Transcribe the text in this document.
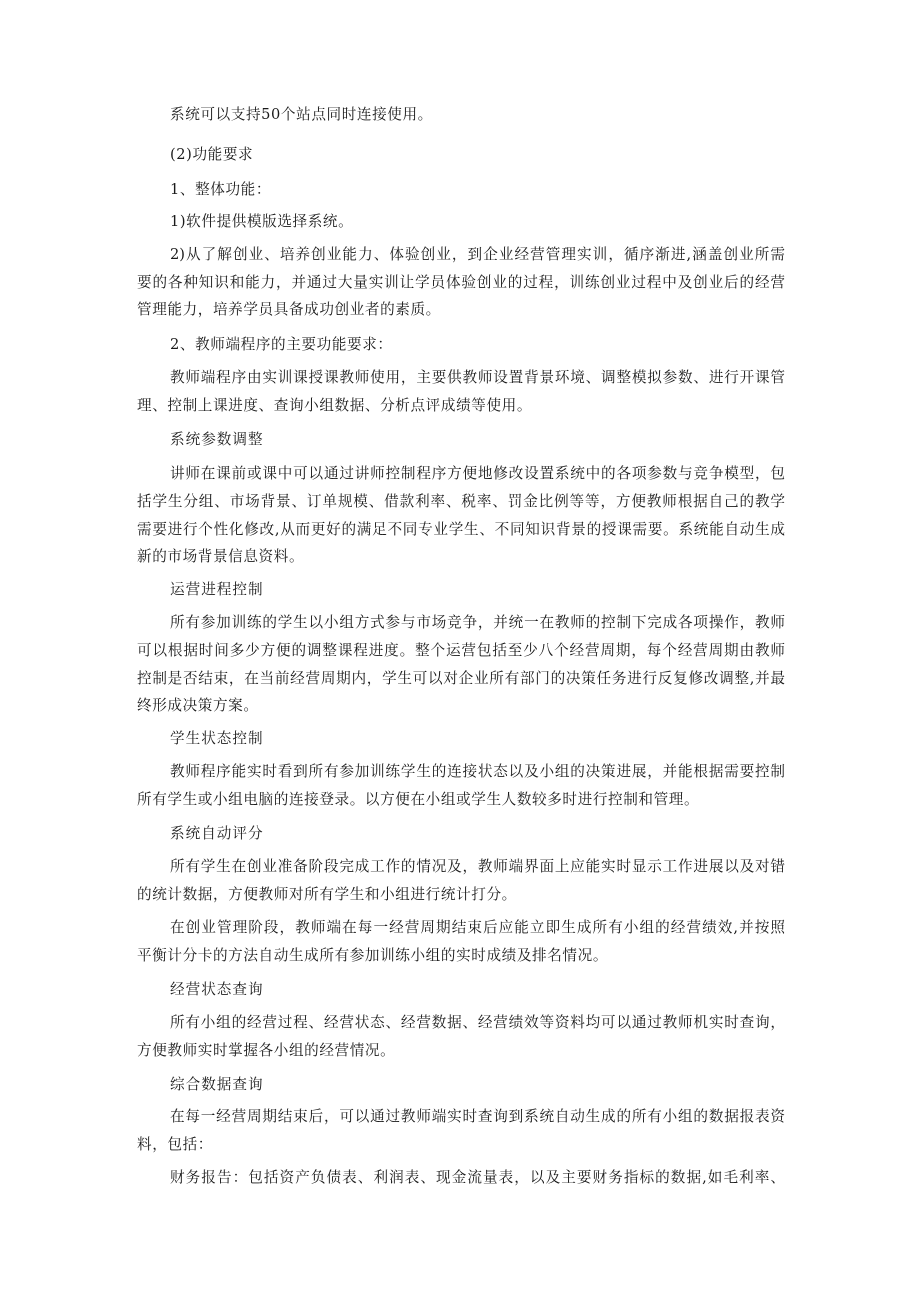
系统可以支持50个站点同时连接使用。
(2)功能要求
1、整体功能：
1)软件提供模版选择系统。
2)从了解创业、培养创业能力、体验创业，到企业经营管理实训，循序渐进,涵盖创业所需
要的各种知识和能力，并通过大量实训让学员体验创业的过程，训练创业过程中及创业后的经营
管理能力，培养学员具备成功创业者的素质。
2、教师端程序的主要功能要求：
教师端程序由实训课授课教师使用，主要供教师设置背景环境、调整模拟参数、进行开课管
理、控制上课进度、查询小组数据、分析点评成绩等使用。
系统参数调整
讲师在课前或课中可以通过讲师控制程序方便地修改设置系统中的各项参数与竞争模型，包
括学生分组、市场背景、订单规模、借款利率、税率、罚金比例等等，方便教师根据自己的教学
需要进行个性化修改,从而更好的满足不同专业学生、不同知识背景的授课需要。系统能自动生成
新的市场背景信息资料。
运营进程控制
所有参加训练的学生以小组方式参与市场竞争，并统一在教师的控制下完成各项操作，教师
可以根据时间多少方便的调整课程进度。整个运营包括至少八个经营周期，每个经营周期由教师
控制是否结束，在当前经营周期内，学生可以对企业所有部门的决策任务进行反复修改调整,并最
终形成决策方案。
学生状态控制
教师程序能实时看到所有参加训练学生的连接状态以及小组的决策进展，并能根据需要控制
所有学生或小组电脑的连接登录。以方便在小组或学生人数较多时进行控制和管理。
系统自动评分
所有学生在创业准备阶段完成工作的情况及，教师端界面上应能实时显示工作进展以及对错
的统计数据，方便教师对所有学生和小组进行统计打分。
在创业管理阶段，教师端在每一经营周期结束后应能立即生成所有小组的经营绩效,并按照
平衡计分卡的方法自动生成所有参加训练小组的实时成绩及排名情况。
经营状态查询
所有小组的经营过程、经营状态、经营数据、经营绩效等资料均可以通过教师机实时查询，
方便教师实时掌握各小组的经营情况。
综合数据查询
在每一经营周期结束后，可以通过教师端实时查询到系统自动生成的所有小组的数据报表资
料，包括：
财务报告：包括资产负债表、利润表、现金流量表，以及主要财务指标的数据,如毛利率、
